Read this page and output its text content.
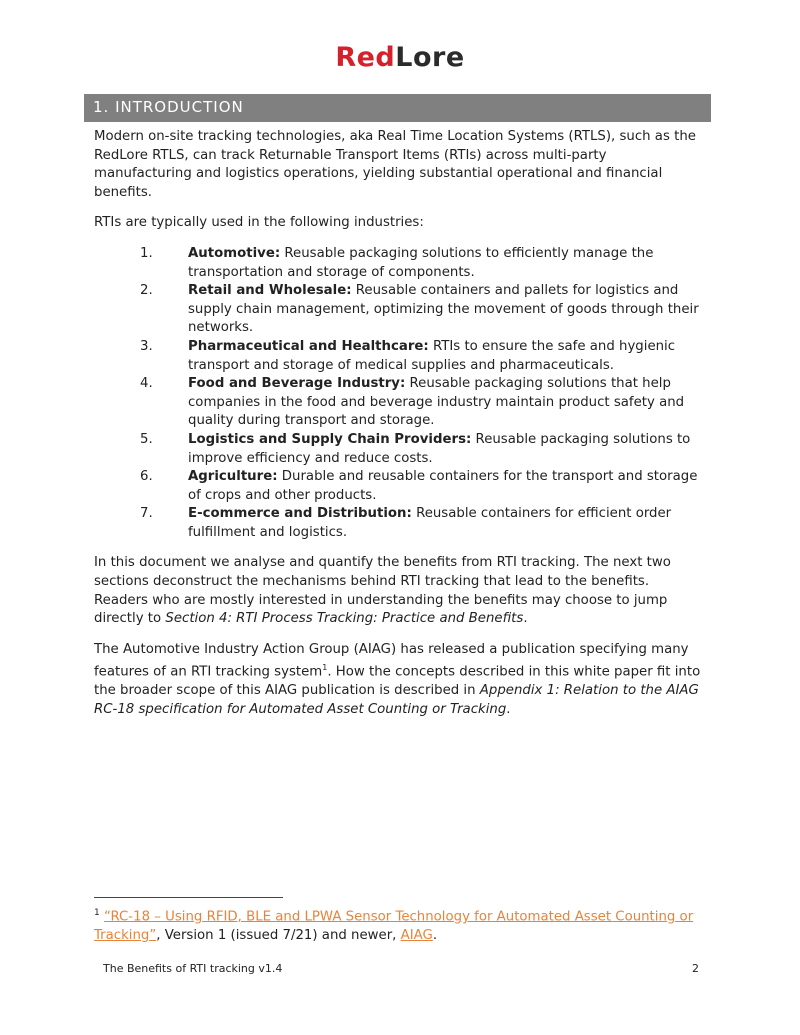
RedLore
1. INTRODUCTION

Modern on-site tracking technologies, aka Real Time Location Systems (RTLS), such as the RedLore RTLS, can track Returnable Transport Items (RTIs) across multi-party manufacturing and logistics operations, yielding substantial operational and financial benefits.

RTIs are typically used in the following industries:

1.	Automotive: Reusable packaging solutions to efficiently manage the transportation and storage of components.
2.	Retail and Wholesale: Reusable containers and pallets for logistics and supply chain management, optimizing the movement of goods through their networks.
3.	Pharmaceutical and Healthcare: RTIs to ensure the safe and hygienic transport and storage of medical supplies and pharmaceuticals.
4.	Food and Beverage Industry: Reusable packaging solutions that help companies in the food and beverage industry maintain product safety and quality during transport and storage.
5.	Logistics and Supply Chain Providers: Reusable packaging solutions to improve efficiency and reduce costs.
6.	Agriculture: Durable and reusable containers for the transport and storage of crops and other products.
7.	E-commerce and Distribution: Reusable containers for efficient order fulfillment and logistics.

In this document we analyse and quantify the benefits from RTI tracking. The next two sections deconstruct the mechanisms behind RTI tracking that lead to the benefits. Readers who are mostly interested in understanding the benefits may choose to jump directly to Section 4: RTI Process Tracking: Practice and Benefits.

The Automotive Industry Action Group (AIAG) has released a publication specifying many features of an RTI tracking system$^1$. How the concepts described in this white paper fit into the broader scope of this AIAG publication is described in Appendix 1: Relation to the AIAG RC-18 specification for Automated Asset Counting or Tracking.

$^1$ “RC-18 – Using RFID, BLE and LPWA Sensor Technology for Automated Asset Counting or Tracking”, Version 1 (issued 7/21) and newer, AIAG.
The Benefits of RTI tracking v1.4	2
